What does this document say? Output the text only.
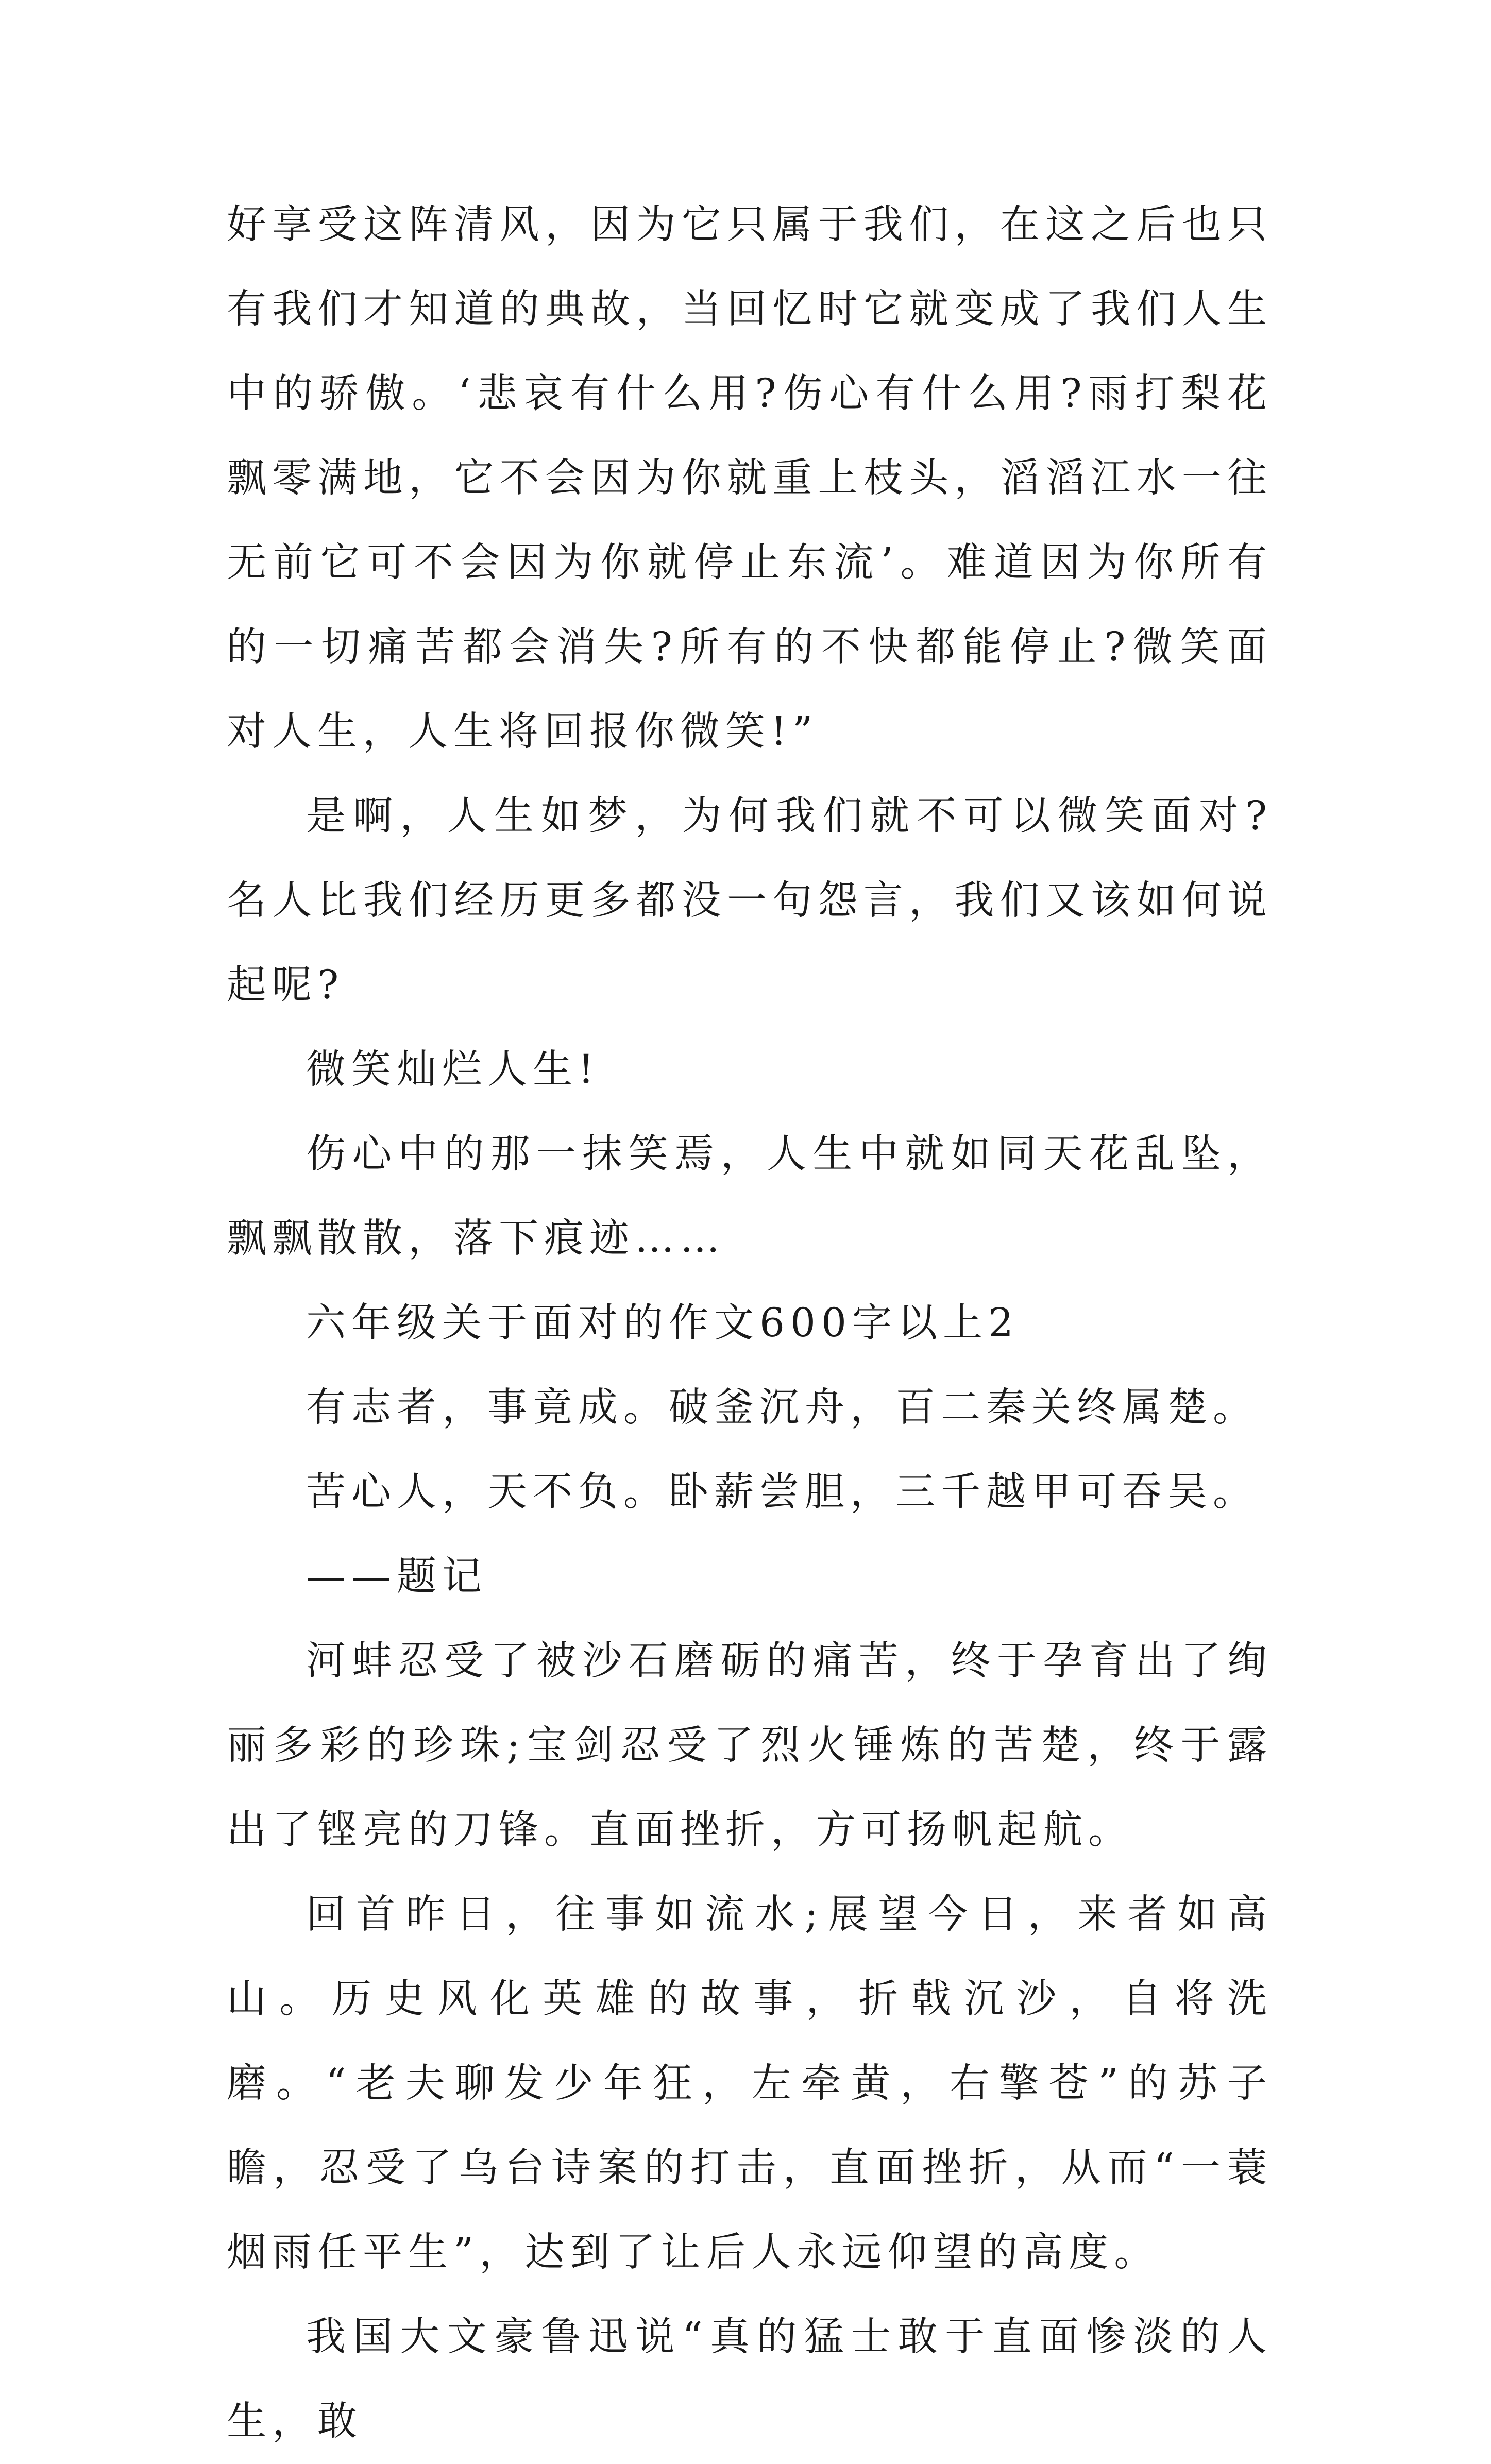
好享受这阵清风，因为它只属于我们，在这之后也只有我们才知道的典故，当回忆时它就变成了我们人生中的骄傲。‘悲哀有什么用?伤心有什么用?雨打梨花飘零满地，它不会因为你就重上枝头，滔滔江水一往无前它可不会因为你就停止东流’。难道因为你所有的一切痛苦都会消失?所有的不快都能停止?微笑面对人生，人生将回报你微笑!”

是啊，人生如梦，为何我们就不可以微笑面对?名人比我们经历更多都没一句怨言，我们又该如何说起呢?

微笑灿烂人生!

伤心中的那一抹笑焉，人生中就如同天花乱坠，飘飘散散，落下痕迹……

六年级关于面对的作文600字以上2

有志者，事竟成。破釜沉舟，百二秦关终属楚。

苦心人，天不负。卧薪尝胆，三千越甲可吞吴。

——题记

河蚌忍受了被沙石磨砺的痛苦，终于孕育出了绚丽多彩的珍珠;宝剑忍受了烈火锤炼的苦楚，终于露出了铿亮的刀锋。直面挫折，方可扬帆起航。

回首昨日，往事如流水;展望今日，来者如高山。历史风化英雄的故事，折戟沉沙，自将洗磨。“老夫聊发少年狂，左牵黄，右擎苍”的苏子瞻，忍受了乌台诗案的打击，直面挫折，从而“一蓑烟雨任平生”，达到了让后人永远仰望的高度。

我国大文豪鲁迅说“真的猛士敢于直面惨淡的人生，敢
